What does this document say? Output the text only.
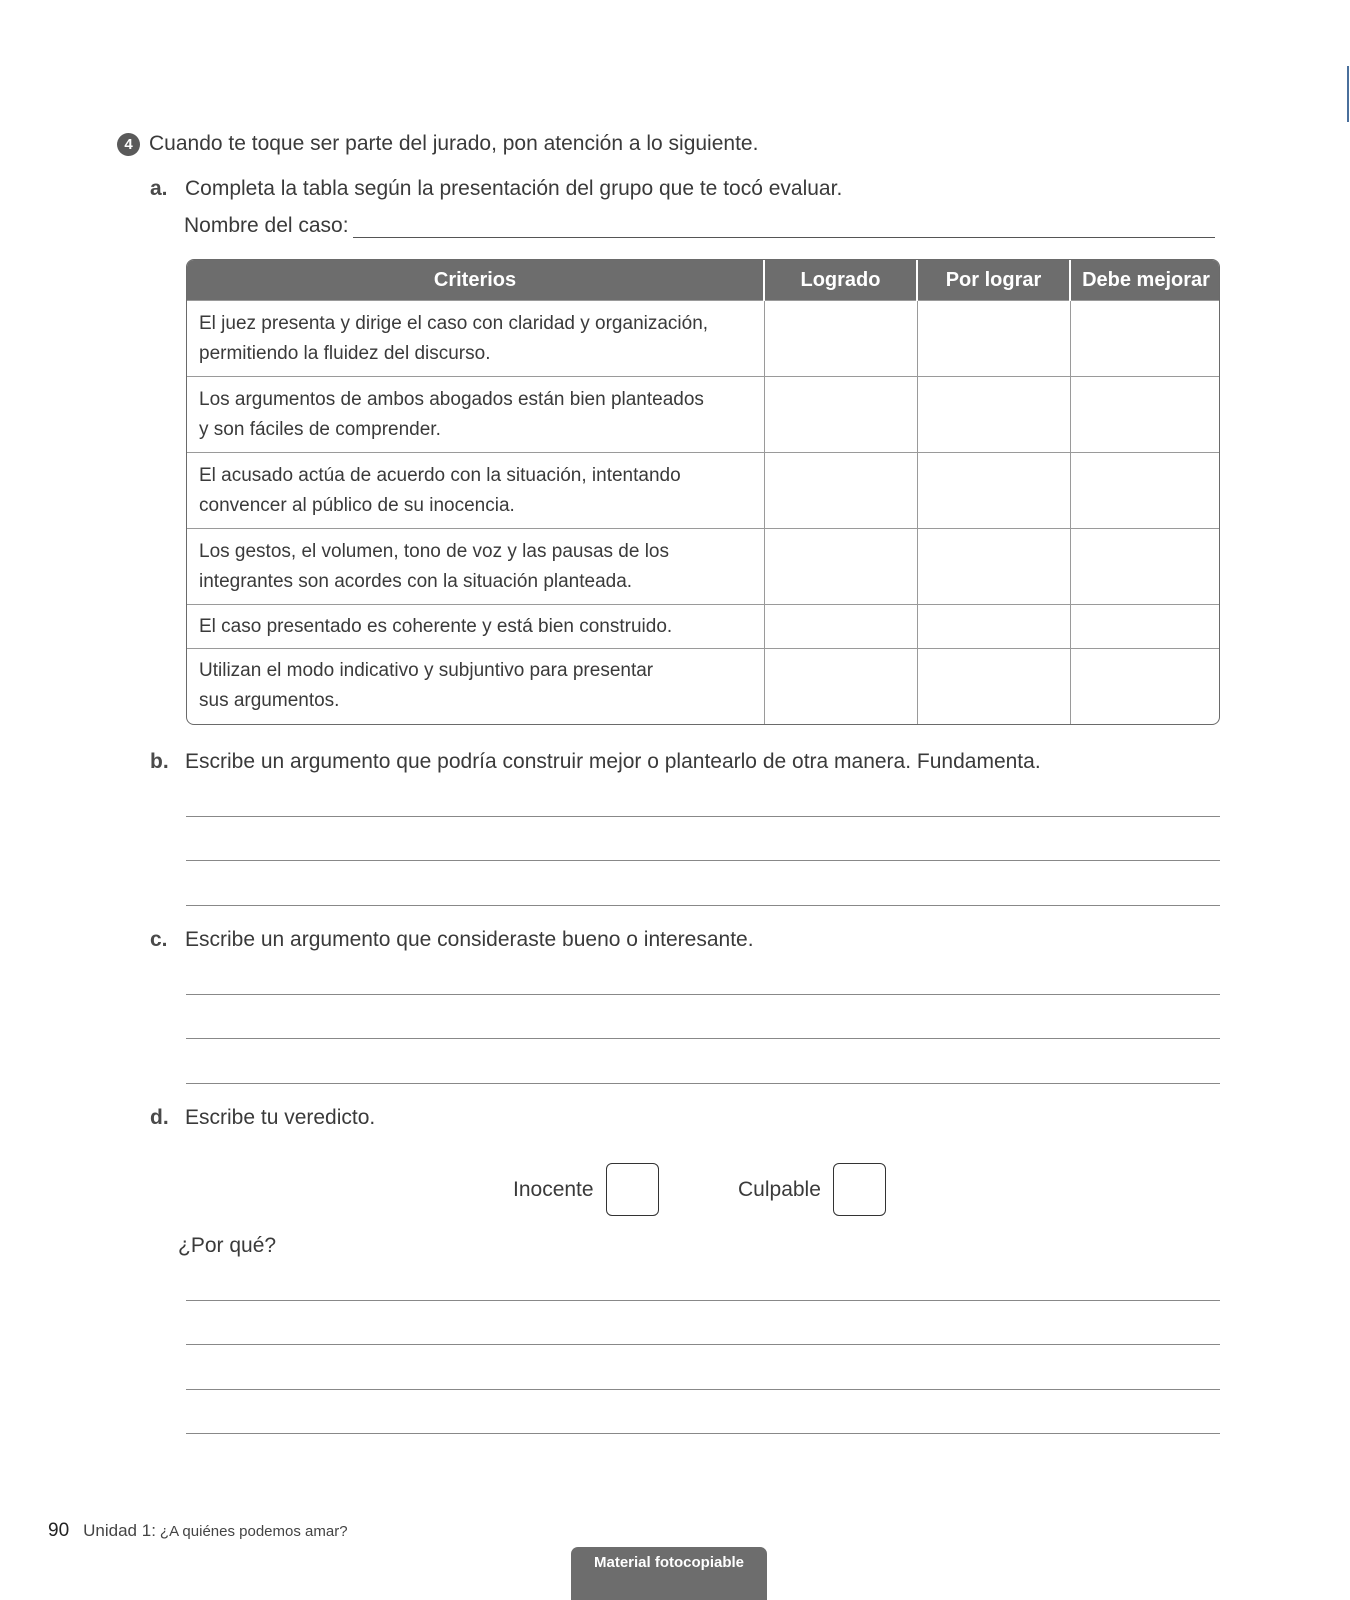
4 Cuando te toque ser parte del jurado, pon atención a lo siguiente.
a. Completa la tabla según la presentación del grupo que te tocó evaluar.
Nombre del caso:
Criterios	Logrado	Por lograr	Debe mejorar
El juez presenta y dirige el caso con claridad y organización,
permitiendo la fluidez del discurso.			
Los argumentos de ambos abogados están bien planteados
y son fáciles de comprender.			
El acusado actúa de acuerdo con la situación, intentando
convencer al público de su inocencia.			
Los gestos, el volumen, tono de voz y las pausas de los
integrantes son acordes con la situación planteada.			
El caso presentado es coherente y está bien construido.			
Utilizan el modo indicativo y subjuntivo para presentar
sus argumentos.			
b. Escribe un argumento que podría construir mejor o plantearlo de otra manera. Fundamenta.
c. Escribe un argumento que consideraste bueno o interesante.
d. Escribe tu veredicto.
Inocente	Culpable
¿Por qué?
90 Unidad 1: ¿A quiénes podemos amar?
Material fotocopiable
